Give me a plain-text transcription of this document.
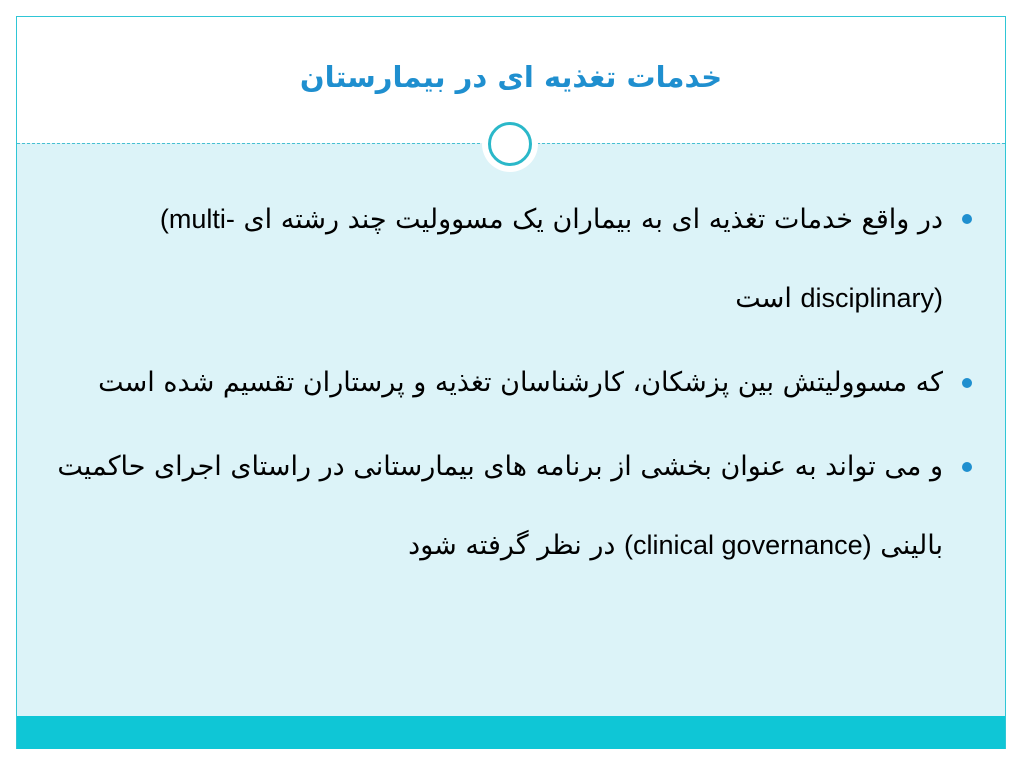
خدمات تغذیه ای در بیمارستان
در واقع خدمات تغذیه ای به بیماران یک مسوولیت چند رشته ای (multi-disciplinary) است
که مسوولیتش بین پزشکان، کارشناسان تغذیه و پرستاران تقسیم شده است
و می تواند به عنوان بخشی از برنامه های بیمارستانی در راستای اجرای حاکمیت بالینی (clinical governance) در نظر گرفته شود
